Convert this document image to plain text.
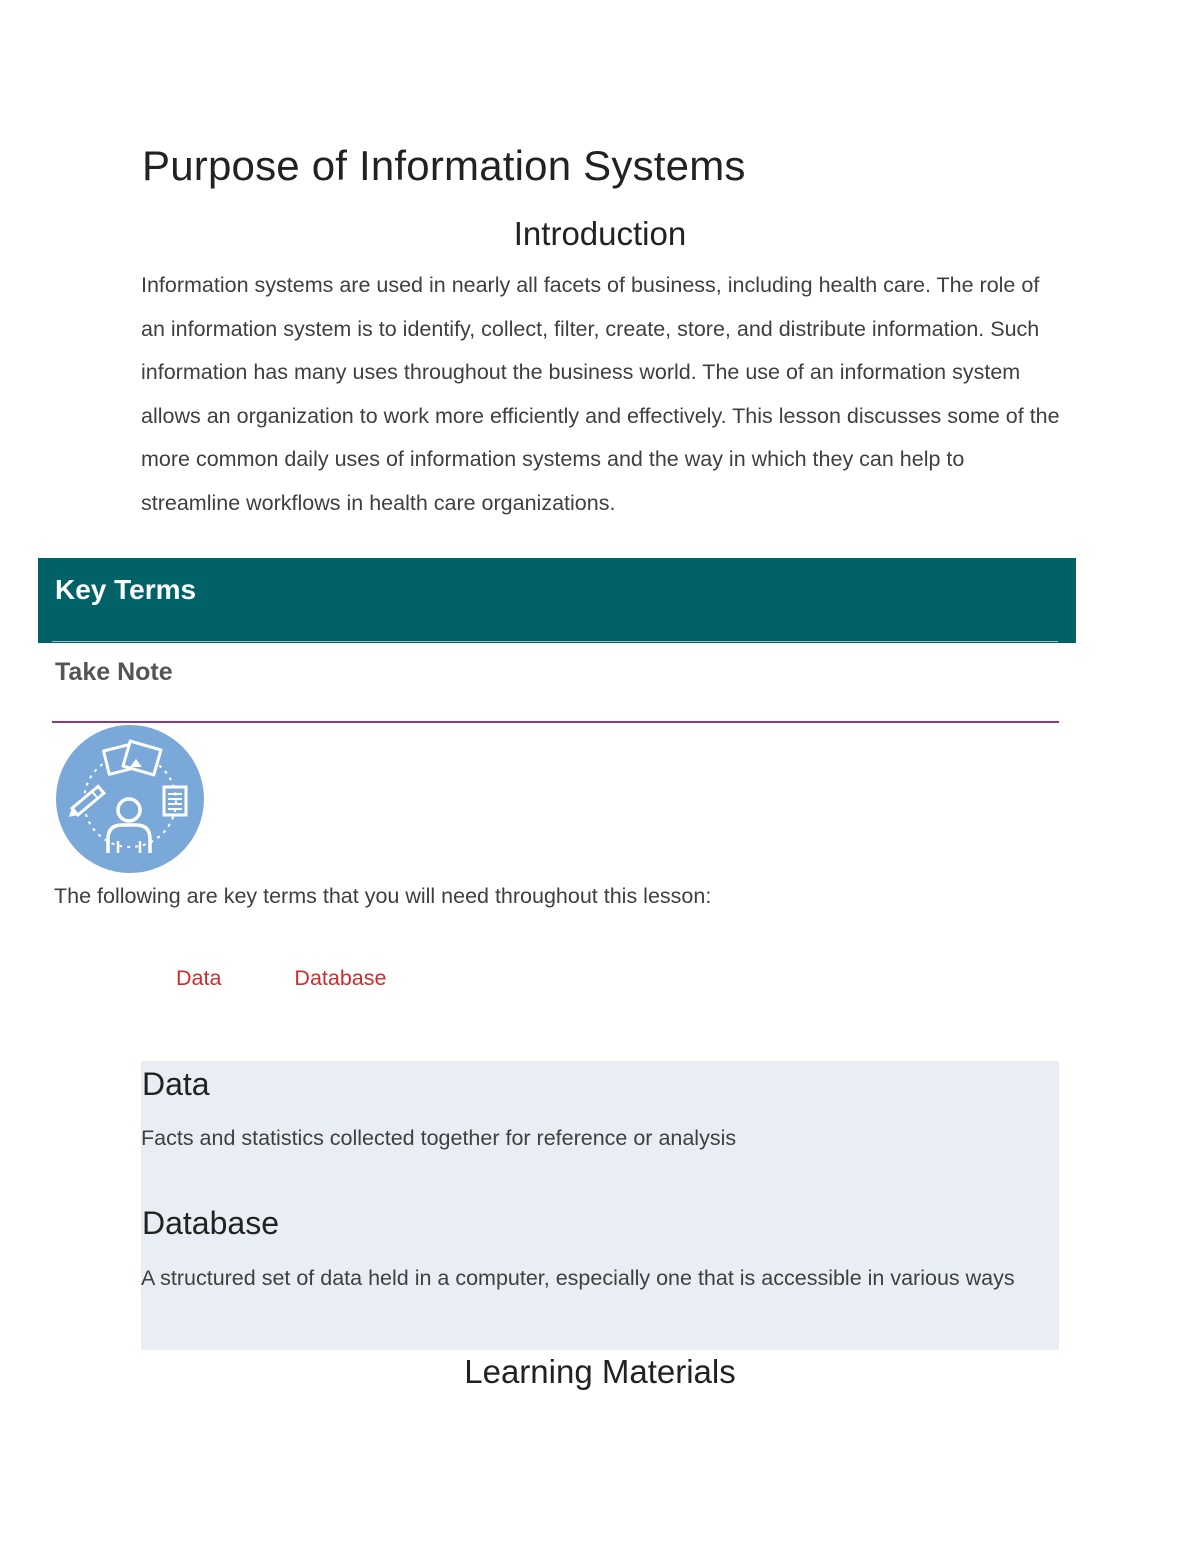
Purpose of Information Systems
Introduction

Information systems are used in nearly all facets of business, including health care. The role of an information system is to identify, collect, filter, create, store, and distribute information. Such information has many uses throughout the business world. The use of an information system allows an organization to work more efficiently and effectively. This lesson discusses some of the more common daily uses of information systems and the way in which they can help to streamline workflows in health care organizations.

Key Terms
Take Note

The following are key terms that you will need throughout this lesson:

Data	Database
Data

Facts and statistics collected together for reference or analysis

Database

A structured set of data held in a computer, especially one that is accessible in various ways

Learning Materials
